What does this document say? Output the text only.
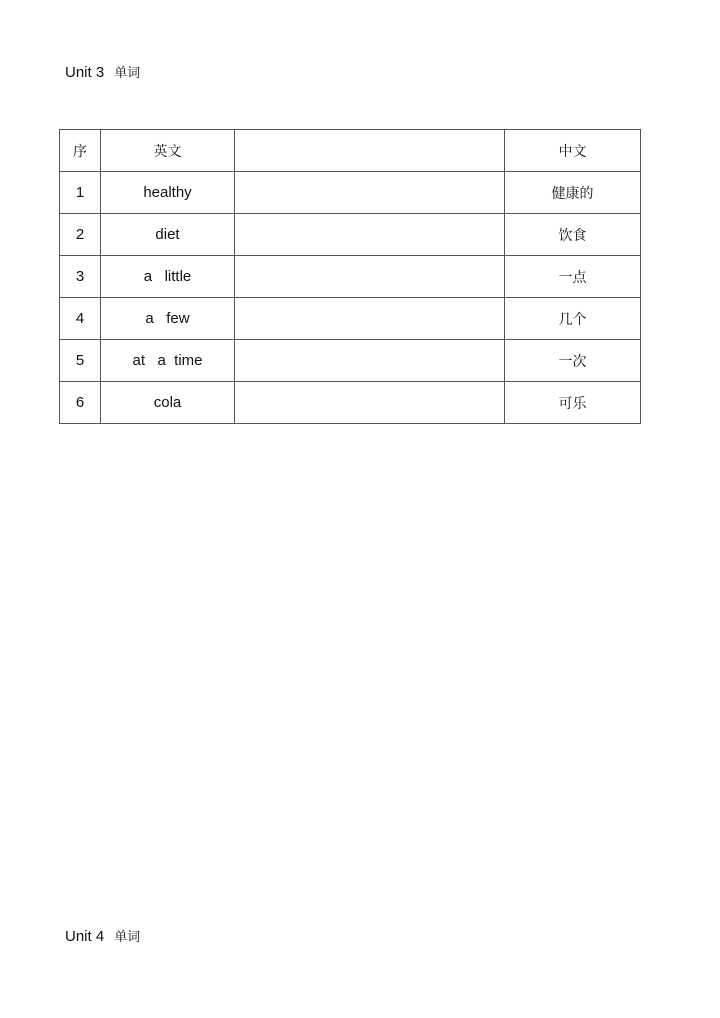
Unit 3 单词
序	英文		中文
1	healthy		健康的
2	diet		饮食
3	a   little		一点
4	a   few		几个
5	at   a  time		一次
6	cola		可乐
Unit 4 单词
